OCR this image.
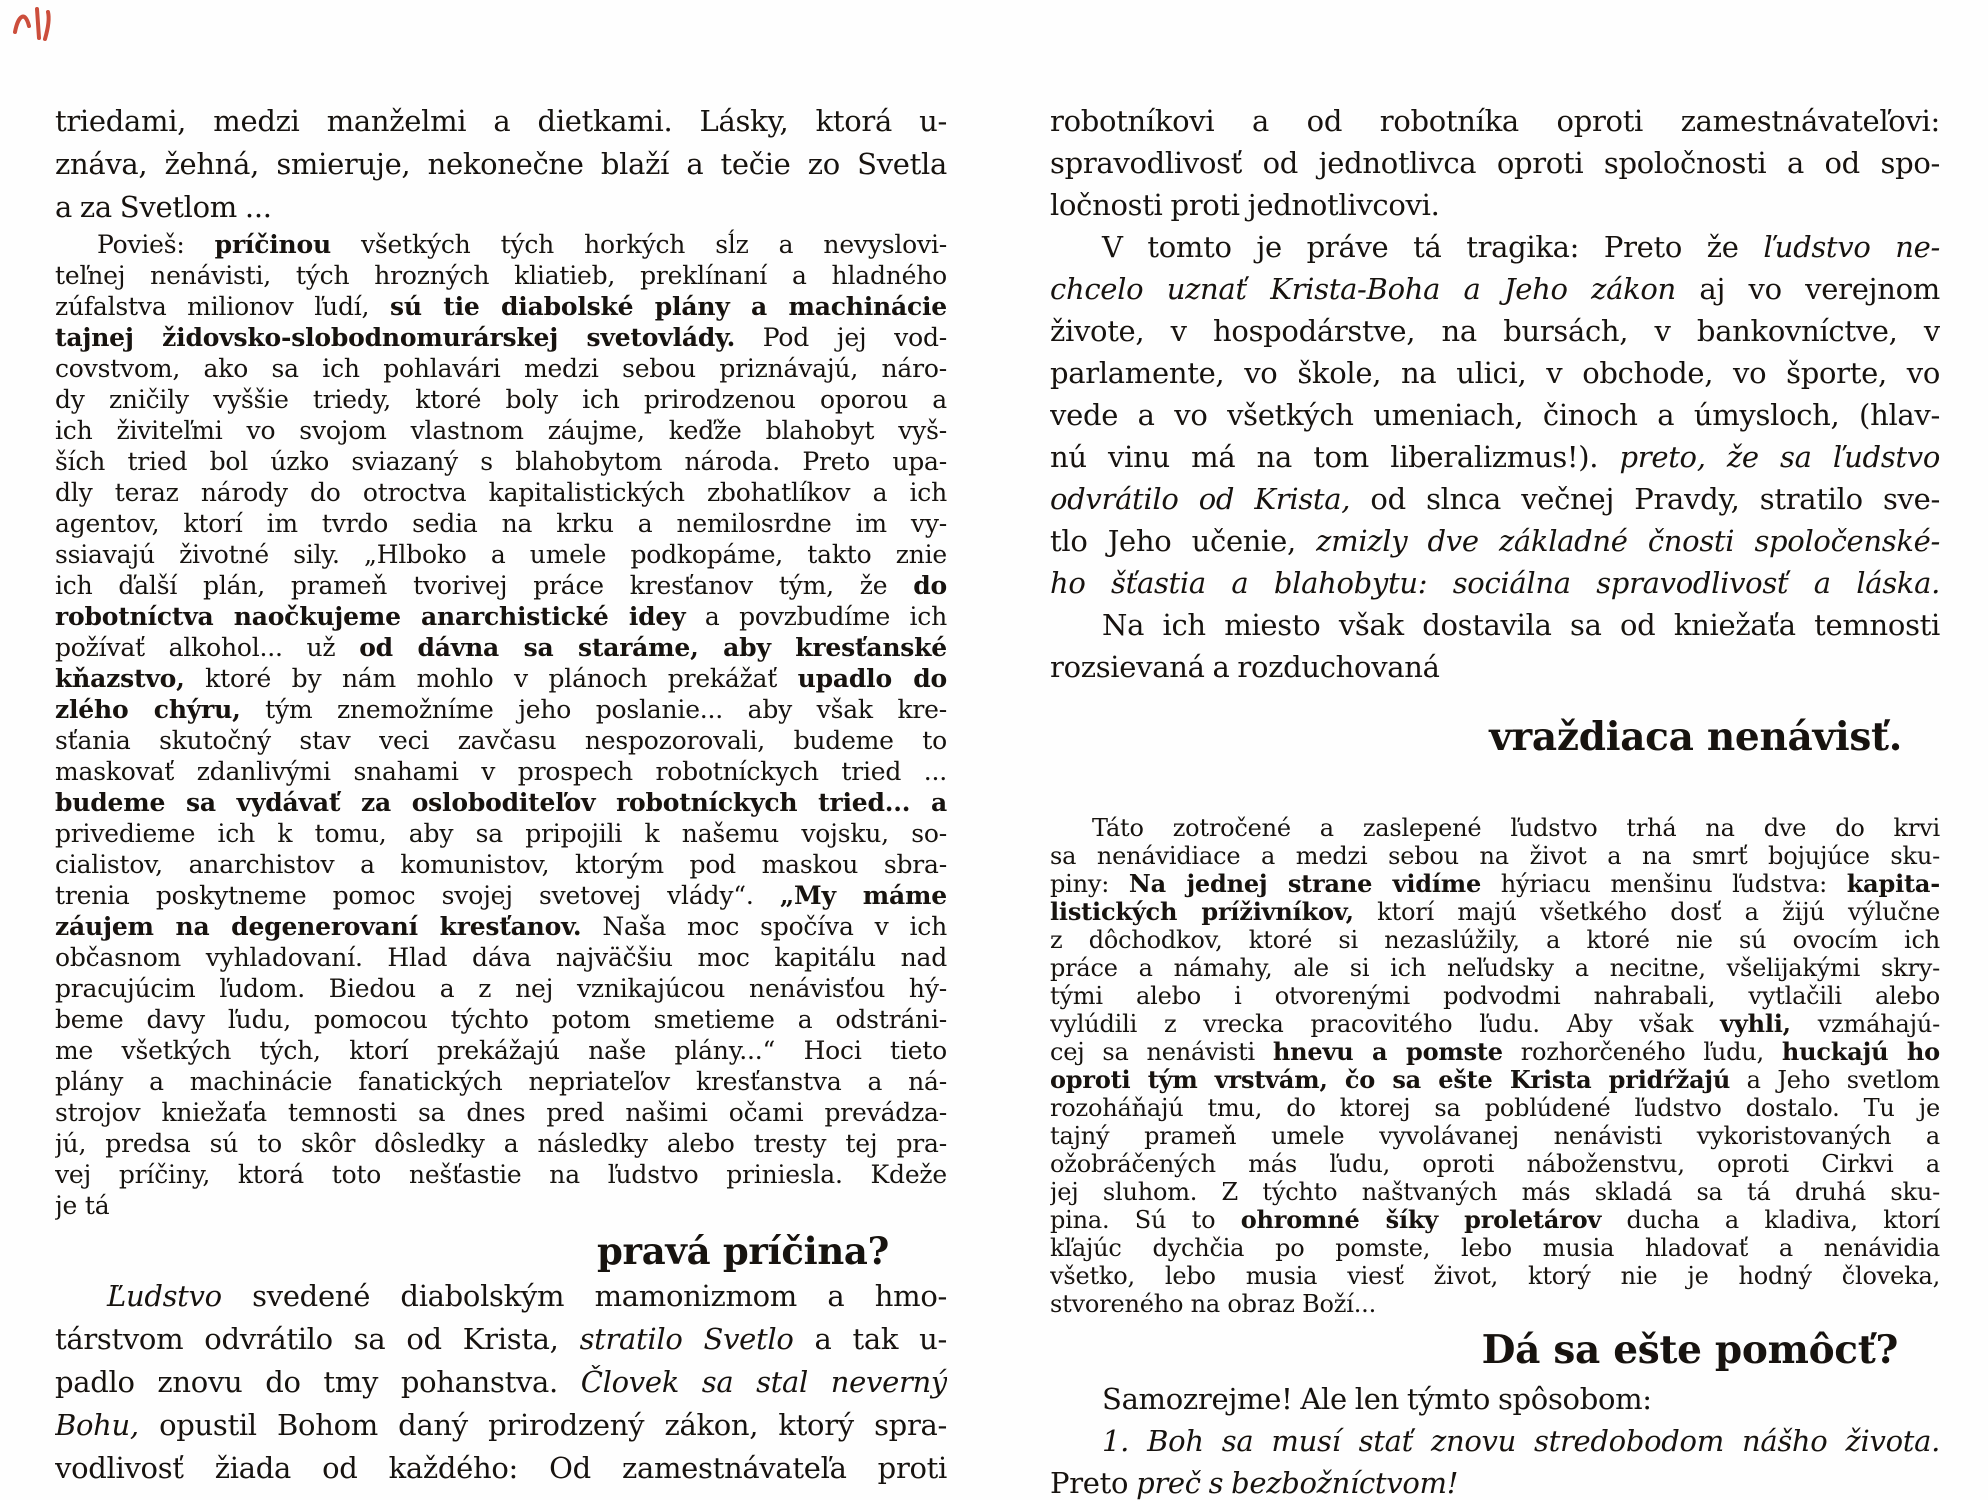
triedami, medzi manželmi a dietkami. Lásky, ktorá u-
znáva, žehná, smieruje, nekonečne blaží a tečie zo Svetla
a za Svetlom ...
Povieš: príčinou všetkých tých horkých sĺz a nevyslovi-
teľnej nenávisti, tých hrozných kliatieb, preklínaní a hladného
zúfalstva milionov ľudí, sú tie diabolské plány a machinácie
tajnej židovsko-slobodnomurárskej svetovlády. Pod jej vod-
covstvom, ako sa ich pohlavári medzi sebou priznávajú, náro-
dy zničily vyššie triedy, ktoré boly ich prirodzenou oporou a
ich živiteľmi vo svojom vlastnom záujme, keďže blahobyt vyš-
ších tried bol úzko sviazaný s blahobytom národa. Preto upa-
dly teraz národy do otroctva kapitalistických zbohatlíkov a ich
agentov, ktorí im tvrdo sedia na krku a nemilosrdne im vy-
ssiavajú životné sily. „Hlboko a umele podkopáme, takto znie
ich ďalší plán, prameň tvorivej práce kresťanov tým, že do
robotníctva naočkujeme anarchistické idey a povzbudíme ich
požívať alkohol... už od dávna sa staráme, aby kresťanské
kňazstvo, ktoré by nám mohlo v plánoch prekážať upadlo do
zlého chýru, tým znemožníme jeho poslanie... aby však kre-
sťania skutočný stav veci zavčasu nespozorovali, budeme to
maskovať zdanlivými snahami v prospech robotníckych tried ...
budeme sa vydávať za osloboditeľov robotníckych tried... a
privedieme ich k tomu, aby sa pripojili k našemu vojsku, so-
cialistov, anarchistov a komunistov, ktorým pod maskou sbra-
trenia poskytneme pomoc svojej svetovej vlády“. „My máme
záujem na degenerovaní kresťanov. Naša moc spočíva v ich
občasnom vyhladovaní. Hlad dáva najväčšiu moc kapitálu nad
pracujúcim ľudom. Biedou a z nej vznikajúcou nenávisťou hý-
beme davy ľudu, pomocou týchto potom smetieme a odstráni-
me všetkých tých, ktorí prekážajú naše plány...“ Hoci tieto
plány a machinácie fanatických nepriateľov kresťanstva a ná-
strojov kniežaťa temnosti sa dnes pred našimi očami prevádza-
jú, predsa sú to skôr dôsledky a následky alebo tresty tej pra-
vej príčiny, ktorá toto nešťastie na ľudstvo priniesla. Kdeže
je tá
pravá príčina?
Ľudstvo svedené diabolským mamonizmom a hmo-
társtvom odvrátilo sa od Krista, stratilo Svetlo a tak u-
padlo znovu do tmy pohanstva. Človek sa stal neverný
Bohu, opustil Bohom daný prirodzený zákon, ktorý spra-
vodlivosť žiada od každého: Od zamestnávateľa proti
robotníkovi a od robotníka oproti zamestnávateľovi:
spravodlivosť od jednotlivca oproti spoločnosti a od spo-
ločnosti proti jednotlivcovi.
V tomto je práve tá tragika: Preto že ľudstvo ne-
chcelo uznať Krista-Boha a Jeho zákon aj vo verejnom
živote, v hospodárstve, na bursách, v bankovníctve, v
parlamente, vo škole, na ulici, v obchode, vo športe, vo
vede a vo všetkých umeniach, činoch a úmysloch, (hlav-
nú vinu má na tom liberalizmus!). preto, že sa ľudstvo
odvrátilo od Krista, od slnca večnej Pravdy, stratilo sve-
tlo Jeho učenie, zmizly dve základné čnosti spoločenské-
ho šťastia a blahobytu: sociálna spravodlivosť a láska.
Na ich miesto však dostavila sa od kniežaťa temnosti
rozsievaná a rozduchovaná
vraždiaca nenávisť.
Táto zotročené a zaslepené ľudstvo trhá na dve do krvi
sa nenávidiace a medzi sebou na život a na smrť bojujúce sku-
piny: Na jednej strane vidíme hýriacu menšinu ľudstva: kapita-
listických príživníkov, ktorí majú všetkého dosť a žijú výlučne
z dôchodkov, ktoré si nezaslúžily, a ktoré nie sú ovocím ich
práce a námahy, ale si ich neľudsky a necitne, všelijakými skry-
tými alebo i otvorenými podvodmi nahrabali, vytlačili alebo
vylúdili z vrecka pracovitého ľudu. Aby však vyhli, vzmáhajú-
cej sa nenávisti hnevu a pomste rozhorčeného ľudu, huckajú ho
oproti tým vrstvám, čo sa ešte Krista pridŕžajú a Jeho svetlom
rozoháňajú tmu, do ktorej sa poblúdené ľudstvo dostalo. Tu je
tajný prameň umele vyvolávanej nenávisti vykoristovaných a
ožobráčených más ľudu, oproti náboženstvu, oproti Cirkvi a
jej sluhom. Z týchto naštvaných más skladá sa tá druhá sku-
pina. Sú to ohromné šíky proletárov ducha a kladiva, ktorí
kľajúc dychčia po pomste, lebo musia hladovať a nenávidia
všetko, lebo musia viesť život, ktorý nie je hodný človeka,
stvoreného na obraz Boží...
Dá sa ešte pomôcť?
Samozrejme! Ale len týmto spôsobom:
1. Boh sa musí stať znovu stredobodom nášho života.
Preto preč s bezbožníctvom!
